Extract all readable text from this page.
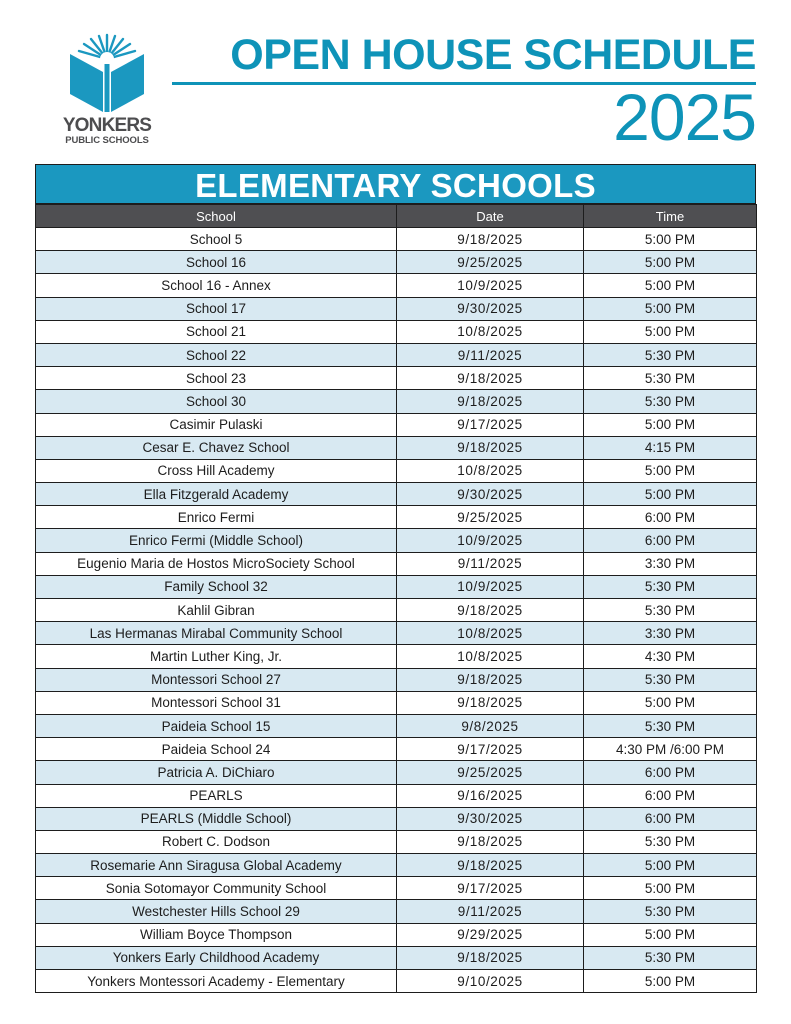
YONKERS
PUBLIC SCHOOLS
OPEN HOUSE SCHEDULE
2025
ELEMENTARY SCHOOLS
School	Date	Time
School 5	9/18/2025	5:00 PM
School 16	9/25/2025	5:00 PM
School 16 - Annex	10/9/2025	5:00 PM
School 17	9/30/2025	5:00 PM
School 21	10/8/2025	5:00 PM
School 22	9/11/2025	5:30 PM
School 23	9/18/2025	5:30 PM
School 30	9/18/2025	5:30 PM
Casimir Pulaski	9/17/2025	5:00 PM
Cesar E. Chavez School	9/18/2025	4:15 PM
Cross Hill Academy	10/8/2025	5:00 PM
Ella Fitzgerald Academy	9/30/2025	5:00 PM
Enrico Fermi	9/25/2025	6:00 PM
Enrico Fermi (Middle School)	10/9/2025	6:00 PM
Eugenio Maria de Hostos MicroSociety School	9/11/2025	3:30 PM
Family School 32	10/9/2025	5:30 PM
Kahlil Gibran	9/18/2025	5:30 PM
Las Hermanas Mirabal Community School	10/8/2025	3:30 PM
Martin Luther King, Jr.	10/8/2025	4:30 PM
Montessori School 27	9/18/2025	5:30 PM
Montessori School 31	9/18/2025	5:00 PM
Paideia School 15	9/8/2025	5:30 PM
Paideia School 24	9/17/2025	4:30 PM /6:00 PM
Patricia A. DiChiaro	9/25/2025	6:00 PM
PEARLS	9/16/2025	6:00 PM
PEARLS (Middle School)	9/30/2025	6:00 PM
Robert C. Dodson	9/18/2025	5:30 PM
Rosemarie Ann Siragusa Global Academy	9/18/2025	5:00 PM
Sonia Sotomayor Community School	9/17/2025	5:00 PM
Westchester Hills School 29	9/11/2025	5:30 PM
William Boyce Thompson	9/29/2025	5:00 PM
Yonkers Early Childhood Academy	9/18/2025	5:30 PM
Yonkers Montessori Academy - Elementary	9/10/2025	5:00 PM
